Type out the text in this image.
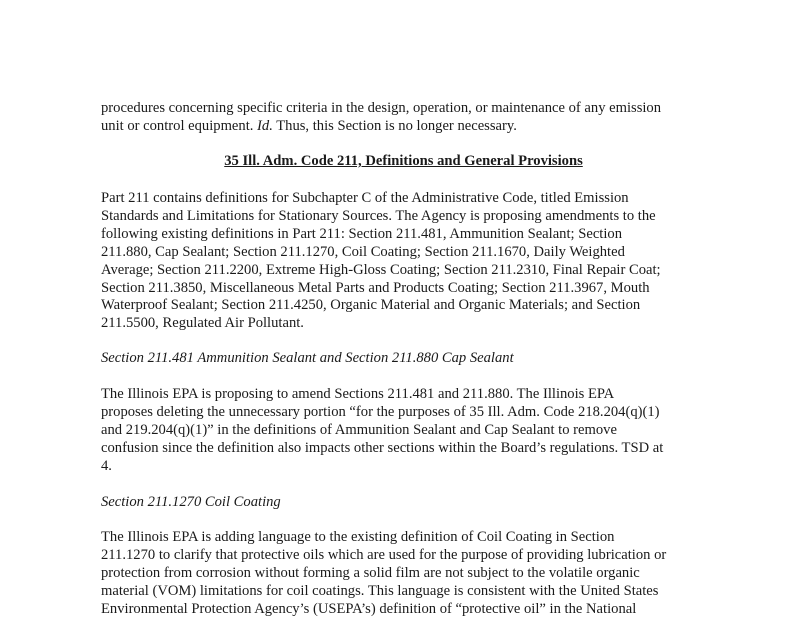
procedures concerning specific criteria in the design, operation, or maintenance of any emission
unit or control equipment. Id. Thus, this Section is no longer necessary.
35 Ill. Adm. Code 211, Definitions and General Provisions
Part 211 contains definitions for Subchapter C of the Administrative Code, titled Emission
Standards and Limitations for Stationary Sources. The Agency is proposing amendments to the
following existing definitions in Part 211: Section 211.481, Ammunition Sealant; Section
211.880, Cap Sealant; Section 211.1270, Coil Coating; Section 211.1670, Daily Weighted
Average; Section 211.2200, Extreme High-Gloss Coating; Section 211.2310, Final Repair Coat;
Section 211.3850, Miscellaneous Metal Parts and Products Coating; Section 211.3967, Mouth
Waterproof Sealant; Section 211.4250, Organic Material and Organic Materials; and Section
211.5500, Regulated Air Pollutant.
Section 211.481 Ammunition Sealant and Section 211.880 Cap Sealant
The Illinois EPA is proposing to amend Sections 211.481 and 211.880. The Illinois EPA
proposes deleting the unnecessary portion “for the purposes of 35 Ill. Adm. Code 218.204(q)(1)
and 219.204(q)(1)” in the definitions of Ammunition Sealant and Cap Sealant to remove
confusion since the definition also impacts other sections within the Board’s regulations. TSD at
4.
Section 211.1270 Coil Coating
The Illinois EPA is adding language to the existing definition of Coil Coating in Section
211.1270 to clarify that protective oils which are used for the purpose of providing lubrication or
protection from corrosion without forming a solid film are not subject to the volatile organic
material (VOM) limitations for coil coatings. This language is consistent with the United States
Environmental Protection Agency’s (USEPA’s) definition of “protective oil” in the National
